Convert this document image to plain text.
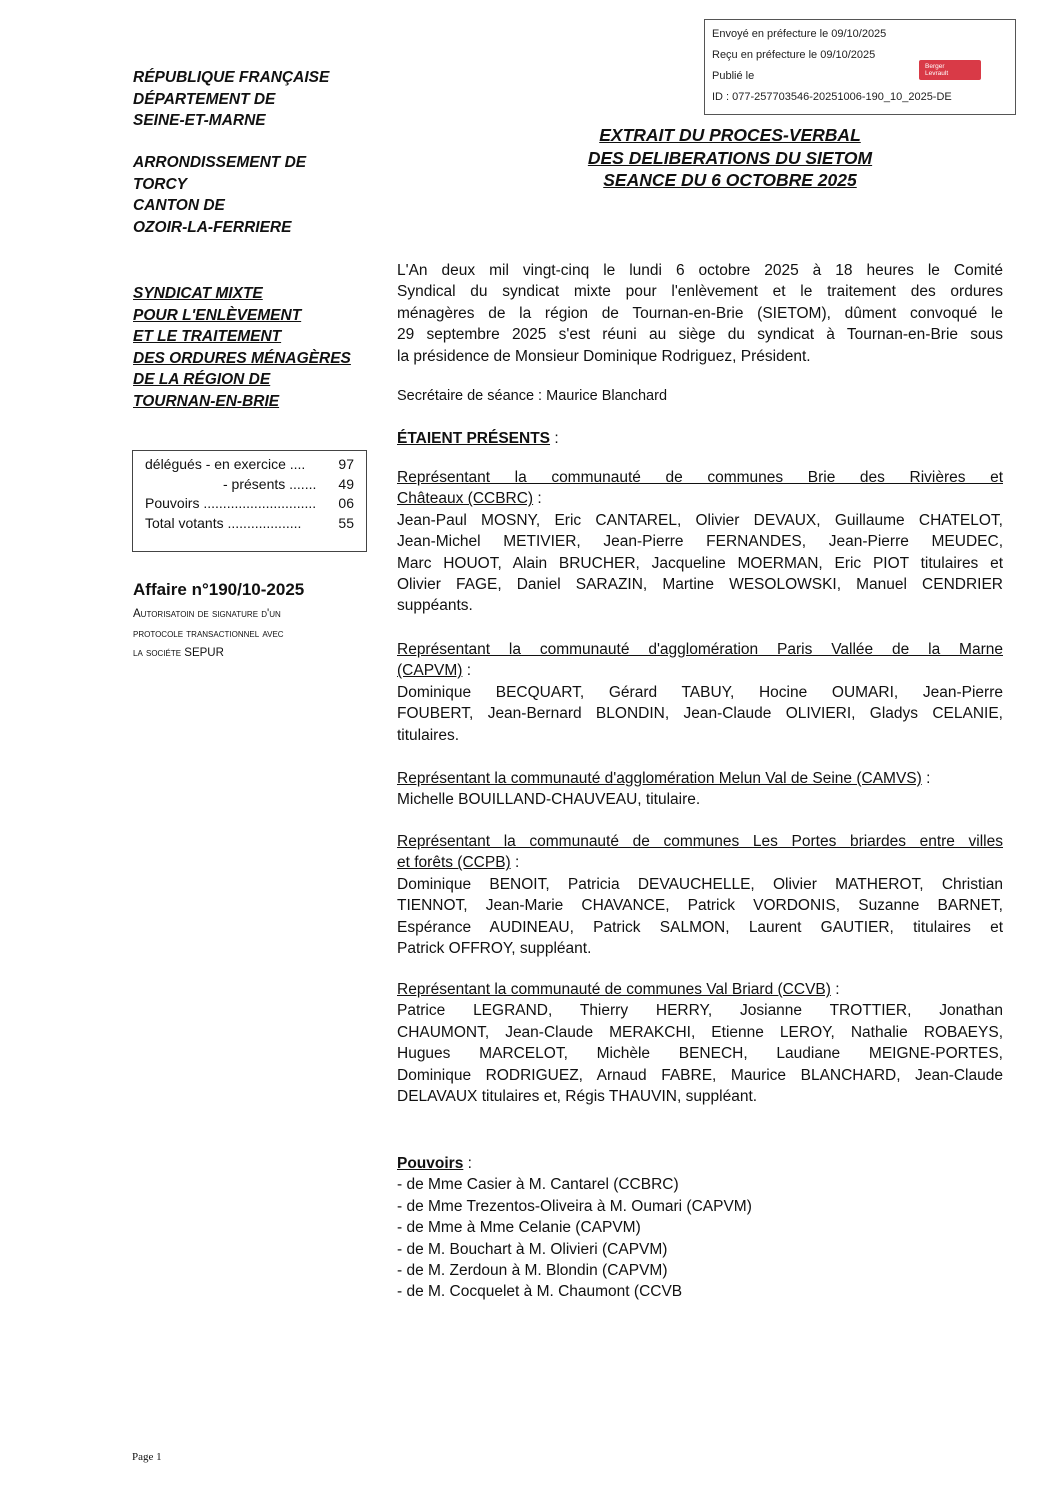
Envoyé en préfecture le 09/10/2025
Reçu en préfecture le 09/10/2025
Publié le
ID : 077-257703546-20251006-190_10_2025-DE
Berger
Levrault
RÉPUBLIQUE FRANÇAISE
DÉPARTEMENT DE
SEINE-ET-MARNE
ARRONDISSEMENT DE
TORCY
CANTON DE
OZOIR-LA-FERRIERE
SYNDICAT MIXTE
POUR L'ENLÈVEMENT
ET LE TRAITEMENT
DES ORDURES MÉNAGÈRES
DE LA RÉGION DE
TOURNAN-EN-BRIE
délégués - en exercice .... 97
- présents ....... 49
Pouvoirs ............................. 06
Total votants ...................	55
Affaire n°190/10-2025
Autorisatoin de signature d'un
protocole transactionnel avec
la sociéte SEPUR
EXTRAIT DU PROCES-VERBAL
DES DELIBERATIONS DU SIETOM
SEANCE DU 6 OCTOBRE 2025
L'An deux mil vingt-cinq le lundi 6 octobre 2025 à 18 heures le Comité
Syndical du syndicat mixte pour l'enlèvement et le traitement des ordures
ménagères de la région de Tournan-en-Brie (SIETOM), dûment convoqué le
29 septembre 2025 s'est réuni au siège du syndicat à Tournan-en-Brie sous
la présidence de Monsieur Dominique Rodriguez, Président.
Secrétaire de séance : Maurice Blanchard
ÉTAIENT PRÉSENTS :
Représentant la communauté de communes Brie des Rivières et
Châteaux (CCBRC) :
Jean-Paul MOSNY, Eric CANTAREL, Olivier DEVAUX, Guillaume CHATELOT,
Jean-Michel METIVIER, Jean-Pierre FERNANDES, Jean-Pierre MEUDEC,
Marc HOUOT, Alain BRUCHER, Jacqueline MOERMAN, Eric PIOT titulaires et
Olivier FAGE, Daniel SARAZIN, Martine WESOLOWSKI, Manuel CENDRIER
suppéants.
Représentant la communauté d'agglomération Paris Vallée de la Marne
(CAPVM) :
Dominique BECQUART, Gérard TABUY, Hocine OUMARI, Jean-Pierre
FOUBERT, Jean-Bernard BLONDIN, Jean-Claude OLIVIERI, Gladys CELANIE,
titulaires.
Représentant la communauté d'agglomération Melun Val de Seine (CAMVS) :
Michelle BOUILLAND-CHAUVEAU, titulaire.
Représentant la communauté de communes Les Portes briardes entre villes
et forêts (CCPB) :
Dominique BENOIT, Patricia DEVAUCHELLE, Olivier MATHEROT, Christian
TIENNOT, Jean-Marie CHAVANCE, Patrick VORDONIS, Suzanne BARNET,
Espérance AUDINEAU, Patrick SALMON, Laurent GAUTIER, titulaires et
Patrick OFFROY, suppléant.
Représentant la communauté de communes Val Briard (CCVB) :
Patrice LEGRAND, Thierry HERRY, Josianne TROTTIER, Jonathan
CHAUMONT, Jean-Claude MERAKCHI, Etienne LEROY, Nathalie ROBAEYS,
Hugues MARCELOT, Michèle BENECH, Laudiane MEIGNE-PORTES,
Dominique RODRIGUEZ, Arnaud FABRE, Maurice BLANCHARD, Jean-Claude
DELAVAUX titulaires et, Régis THAUVIN, suppléant.
Pouvoirs :
- de Mme Casier à M. Cantarel (CCBRC)
- de Mme Trezentos-Oliveira à M. Oumari (CAPVM)
- de Mme à Mme Celanie (CAPVM)
- de M. Bouchart à M. Olivieri (CAPVM)
- de M. Zerdoun à M. Blondin (CAPVM)
- de M. Cocquelet à M. Chaumont (CCVB
Page 1
